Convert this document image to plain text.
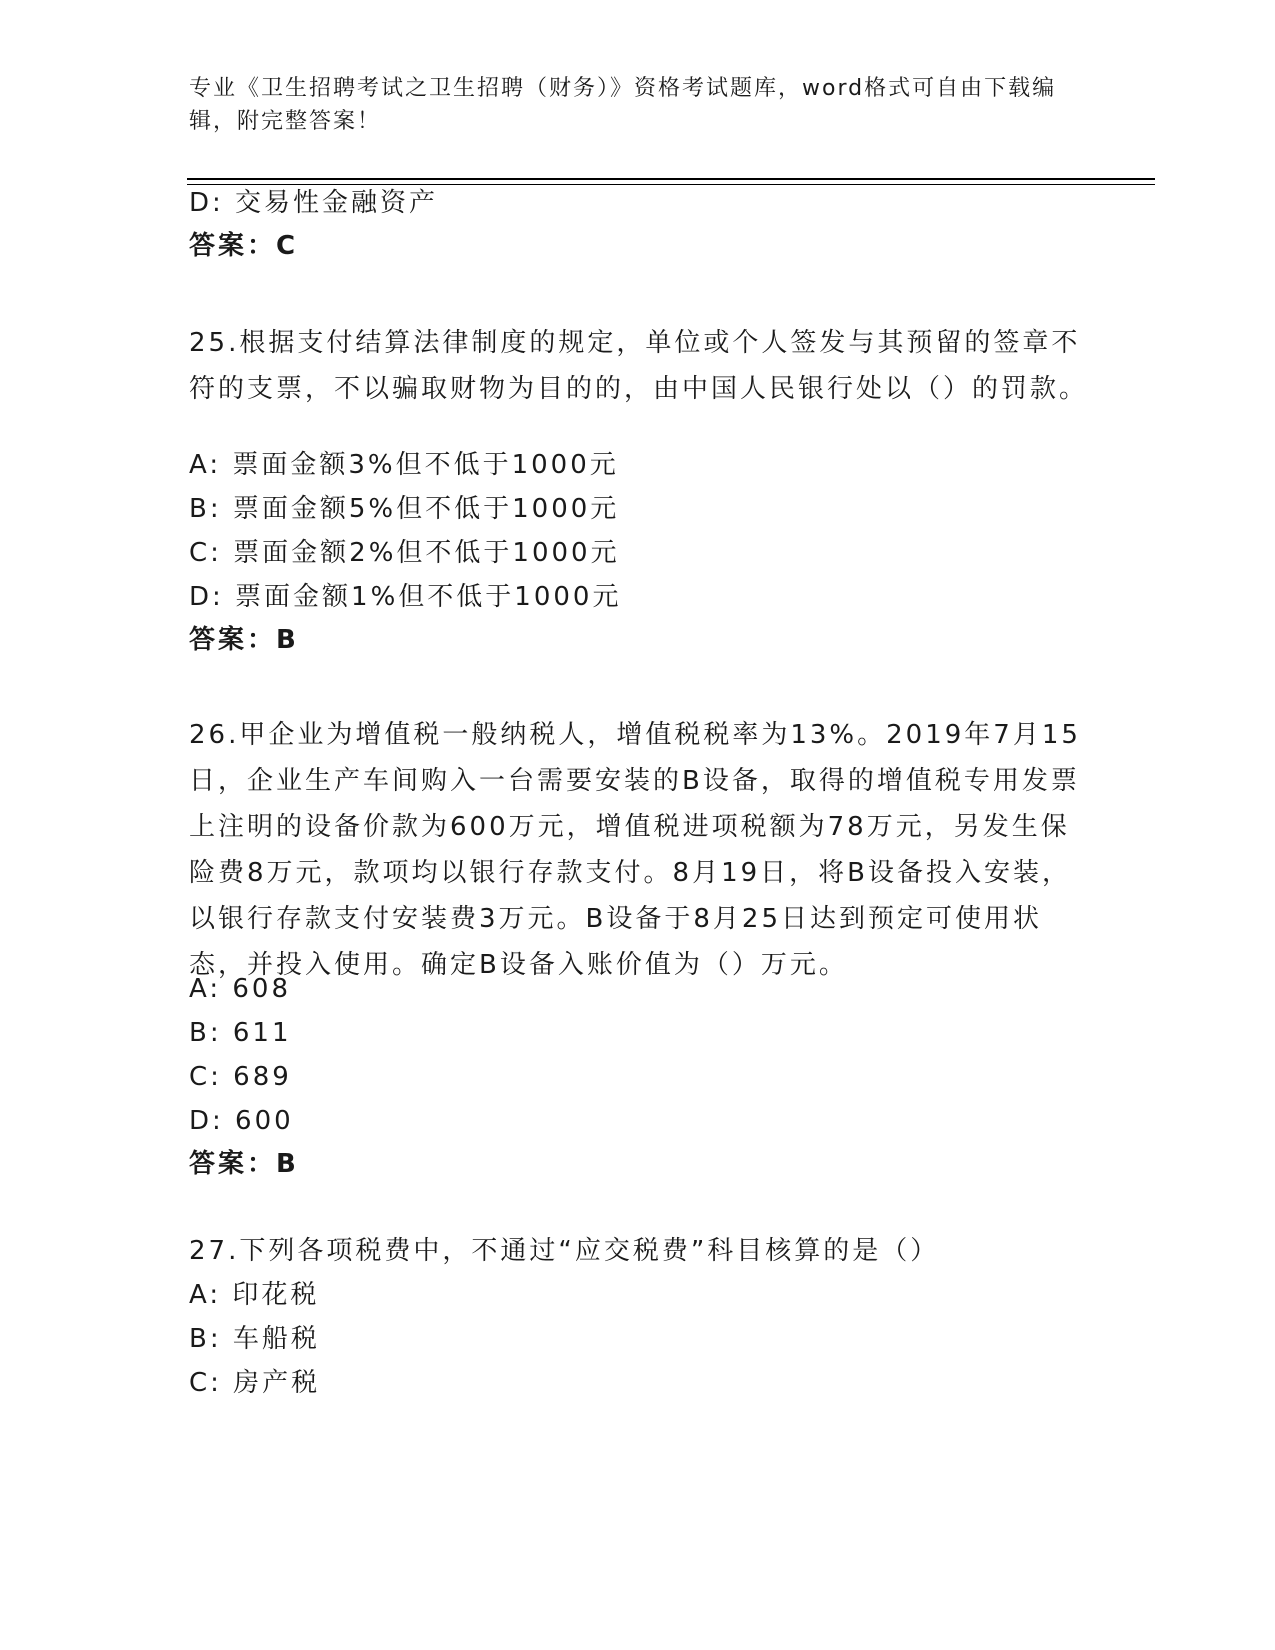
专业《卫生招聘考试之卫生招聘（财务）》资格考试题库，word格式可自由下载编辑，附完整答案！
D: 交易性金融资产
答案：C
25.根据支付结算法律制度的规定，单位或个人签发与其预留的签章不符的支票，不以骗取财物为目的的，由中国人民银行处以（）的罚款。
A: 票面金额3%但不低于1000元
B: 票面金额5%但不低于1000元
C: 票面金额2%但不低于1000元
D: 票面金额1%但不低于1000元
答案：B
26.甲企业为增值税一般纳税人，增值税税率为13%。2019年7月15日，企业生产车间购入一台需要安装的B设备，取得的增值税专用发票上注明的设备价款为600万元，增值税进项税额为78万元，另发生保险费8万元，款项均以银行存款支付。8月19日，将B设备投入安装，以银行存款支付安装费3万元。B设备于8月25日达到预定可使用状态，并投入使用。确定B设备入账价值为（）万元。
A: 608
B: 611
C: 689
D: 600
答案：B
27.下列各项税费中，不通过“应交税费”科目核算的是（）
A: 印花税
B: 车船税
C: 房产税
